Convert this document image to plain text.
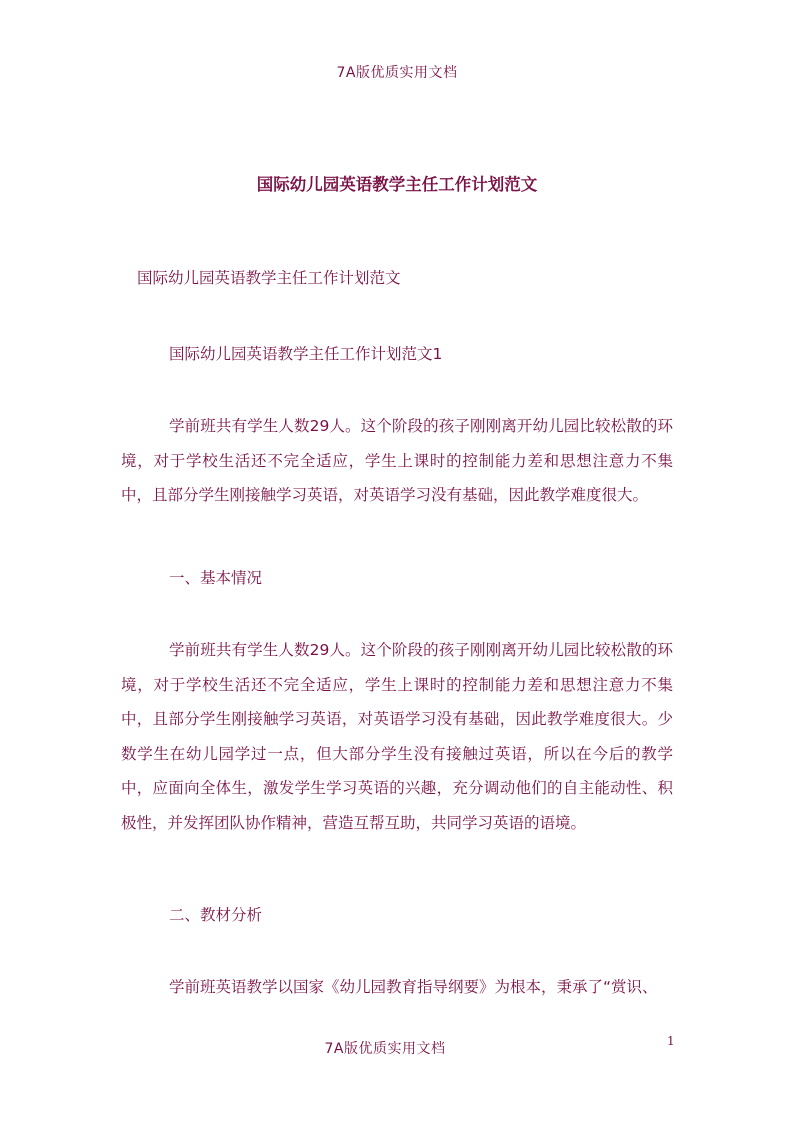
7A版优质实用文档
国际幼儿园英语教学主任工作计划范文
国际幼儿园英语教学主任工作计划范文
国际幼儿园英语教学主任工作计划范文1
学前班共有学生人数29人。这个阶段的孩子刚刚离开幼儿园比较松散的环境，对于学校生活还不完全适应，学生上课时的控制能力差和思想注意力不集中，且部分学生刚接触学习英语，对英语学习没有基础，因此教学难度很大。
一、基本情况
学前班共有学生人数29人。这个阶段的孩子刚刚离开幼儿园比较松散的环境，对于学校生活还不完全适应，学生上课时的控制能力差和思想注意力不集中，且部分学生刚接触学习英语，对英语学习没有基础，因此教学难度很大。少数学生在幼儿园学过一点，但大部分学生没有接触过英语，所以在今后的教学中，应面向全体生，激发学生学习英语的兴趣，充分调动他们的自主能动性、积极性，并发挥团队协作精神，营造互帮互助，共同学习英语的语境。
二、教材分析
学前班英语教学以国家《幼儿园教育指导纲要》为根本，秉承了“赏识、
1
7A版优质实用文档
